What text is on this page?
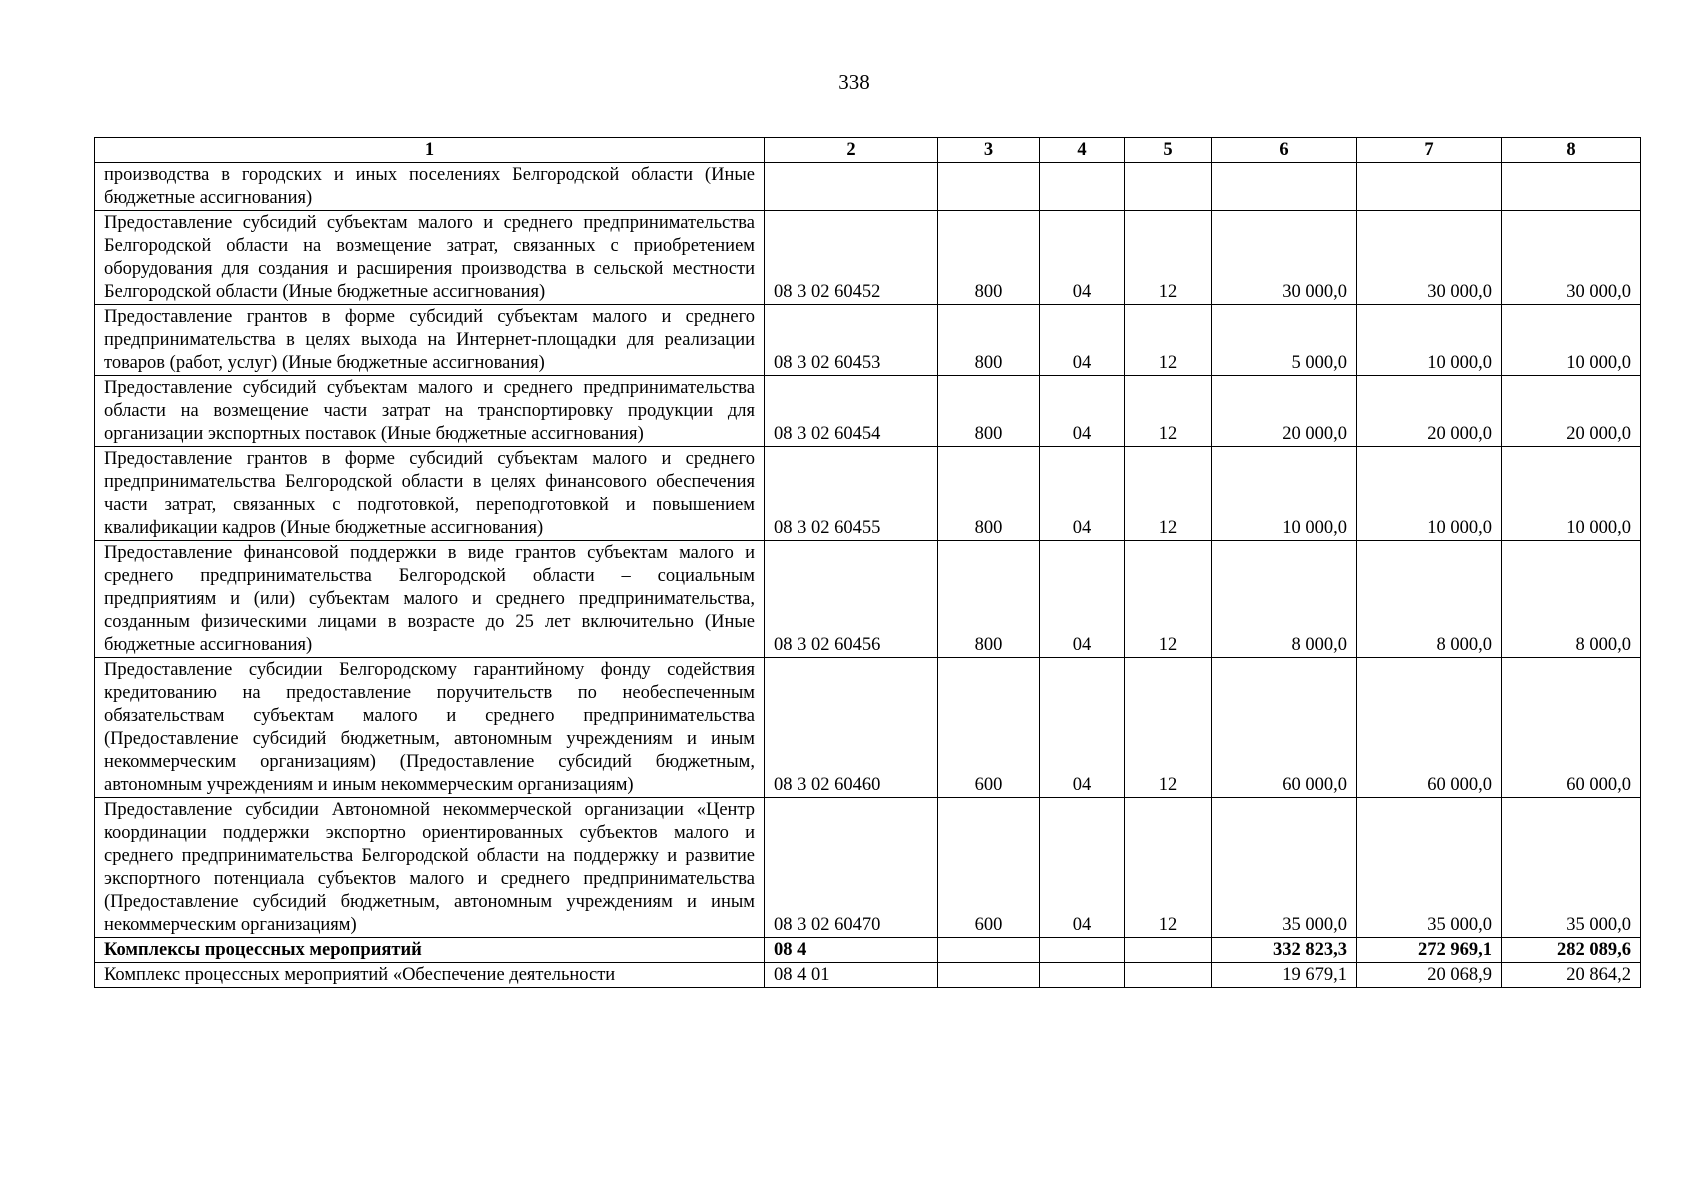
338
1	2	3	4	5	6	7	8
производства в городских и иных поселениях Белгородской области (Иные бюджетные ассигнования)							
Предоставление субсидий субъектам малого и среднего предпринимательства Белгородской области на возмещение затрат, связанных с приобретением оборудования для создания и расширения производства в сельской местности Белгородской области (Иные бюджетные ассигнования)	08 3 02 60452	800	04	12	30 000,0	30 000,0	30 000,0
Предоставление грантов в форме субсидий субъектам малого и среднего предпринимательства в целях выхода на Интернет-площадки для реализации товаров (работ, услуг) (Иные бюджетные ассигнования)	08 3 02 60453	800	04	12	5 000,0	10 000,0	10 000,0
Предоставление субсидий субъектам малого и среднего предпринимательства области на возмещение части затрат на транспортировку продукции для организации экспортных поставок (Иные бюджетные ассигнования)	08 3 02 60454	800	04	12	20 000,0	20 000,0	20 000,0
Предоставление грантов в форме субсидий субъектам малого и среднего предпринимательства Белгородской области в целях финансового обеспечения части затрат, связанных с подготовкой, переподготовкой и повышением квалификации кадров (Иные бюджетные ассигнования)	08 3 02 60455	800	04	12	10 000,0	10 000,0	10 000,0
Предоставление финансовой поддержки в виде грантов субъектам малого и среднего предпринимательства Белгородской области – социальным предприятиям и (или) субъектам малого и среднего предпринимательства, созданным физическими лицами в возрасте до 25 лет включительно (Иные бюджетные ассигнования)	08 3 02 60456	800	04	12	8 000,0	8 000,0	8 000,0
Предоставление субсидии Белгородскому гарантийному фонду содействия кредитованию на предоставление поручительств по необеспеченным обязательствам субъектам малого и среднего предпринимательства (Предоставление субсидий бюджетным, автономным учреждениям и иным некоммерческим организациям) (Предоставление субсидий бюджетным, автономным учреждениям и иным некоммерческим организациям)	08 3 02 60460	600	04	12	60 000,0	60 000,0	60 000,0
Предоставление субсидии Автономной некоммерческой организации «Центр координации поддержки экспортно ориентированных субъектов малого и среднего предпринимательства Белгородской области на поддержку и развитие экспортного потенциала субъектов малого и среднего предпринимательства (Предоставление субсидий бюджетным, автономным учреждениям и иным некоммерческим организациям)	08 3 02 60470	600	04	12	35 000,0	35 000,0	35 000,0
Комплексы процессных мероприятий	08 4				332 823,3	272 969,1	282 089,6
Комплекс процессных мероприятий «Обеспечение деятельности	08 4 01				19 679,1	20 068,9	20 864,2
